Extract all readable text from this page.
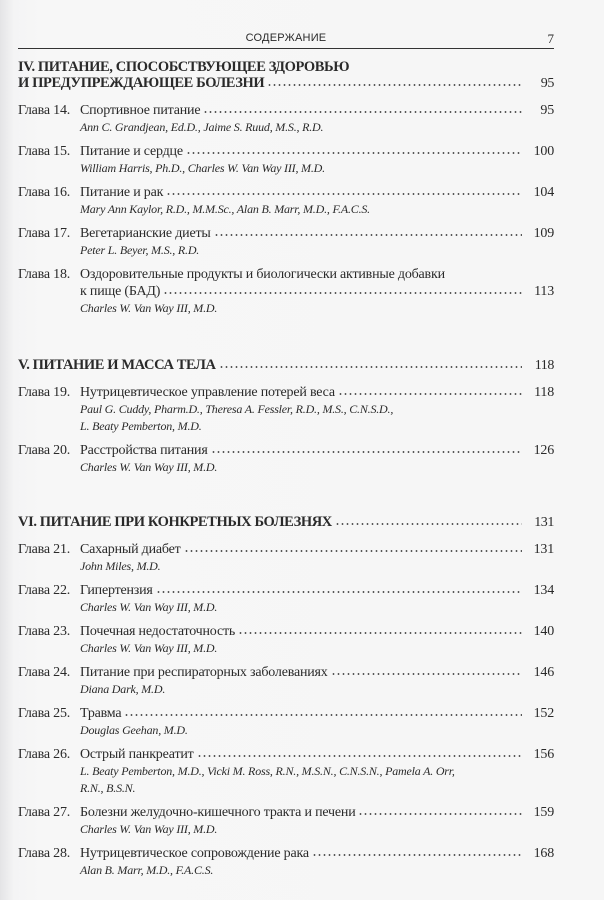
СОДЕРЖАНИЕ	7
IV. ПИТАНИЕ, СПОСОБСТВУЮЩЕЕ ЗДОРОВЬЮ
И ПРЕДУПРЕЖДАЮЩЕЕ БОЛЕЗНИ	95
Глава 14. Спортивное питание	95
Ann C. Grandjean, Ed.D., Jaime S. Ruud, M.S., R.D.
Глава 15. Питание и сердце	100
William Harris, Ph.D., Charles W. Van Way III, M.D.
Глава 16. Питание и рак	104
Mary Ann Kaylor, R.D., M.M.Sc., Alan B. Marr, M.D., F.A.C.S.
Глава 17. Вегетарианские диеты	109
Peter L. Beyer, M.S., R.D.
Глава 18. Оздоровительные продукты и биологически активные добавки
к пище (БАД)	113
Charles W. Van Way III, M.D.
V. ПИТАНИЕ И МАССА ТЕЛА	118
Глава 19. Нутрицевтическое управление потерей веса	118
Paul G. Cuddy, Pharm.D., Theresa A. Fessler, R.D., M.S., C.N.S.D.,
L. Beaty Pemberton, M.D.
Глава 20. Расстройства питания	126
Charles W. Van Way III, M.D.
VI. ПИТАНИЕ ПРИ КОНКРЕТНЫХ БОЛЕЗНЯХ	131
Глава 21. Сахарный диабет	131
John Miles, M.D.
Глава 22. Гипертензия	134
Charles W. Van Way III, M.D.
Глава 23. Почечная недостаточность	140
Charles W. Van Way III, M.D.
Глава 24. Питание при респираторных заболеваниях	146
Diana Dark, M.D.
Глава 25. Травма	152
Douglas Geehan, M.D.
Глава 26. Острый панкреатит	156
L. Beaty Pemberton, M.D., Vicki M. Ross, R.N., M.S.N., C.N.S.N., Pamela A. Orr,
R.N., B.S.N.
Глава 27. Болезни желудочно-кишечного тракта и печени	159
Charles W. Van Way III, M.D.
Глава 28. Нутрицевтическое сопровождение рака	168
Alan B. Marr, M.D., F.A.C.S.
